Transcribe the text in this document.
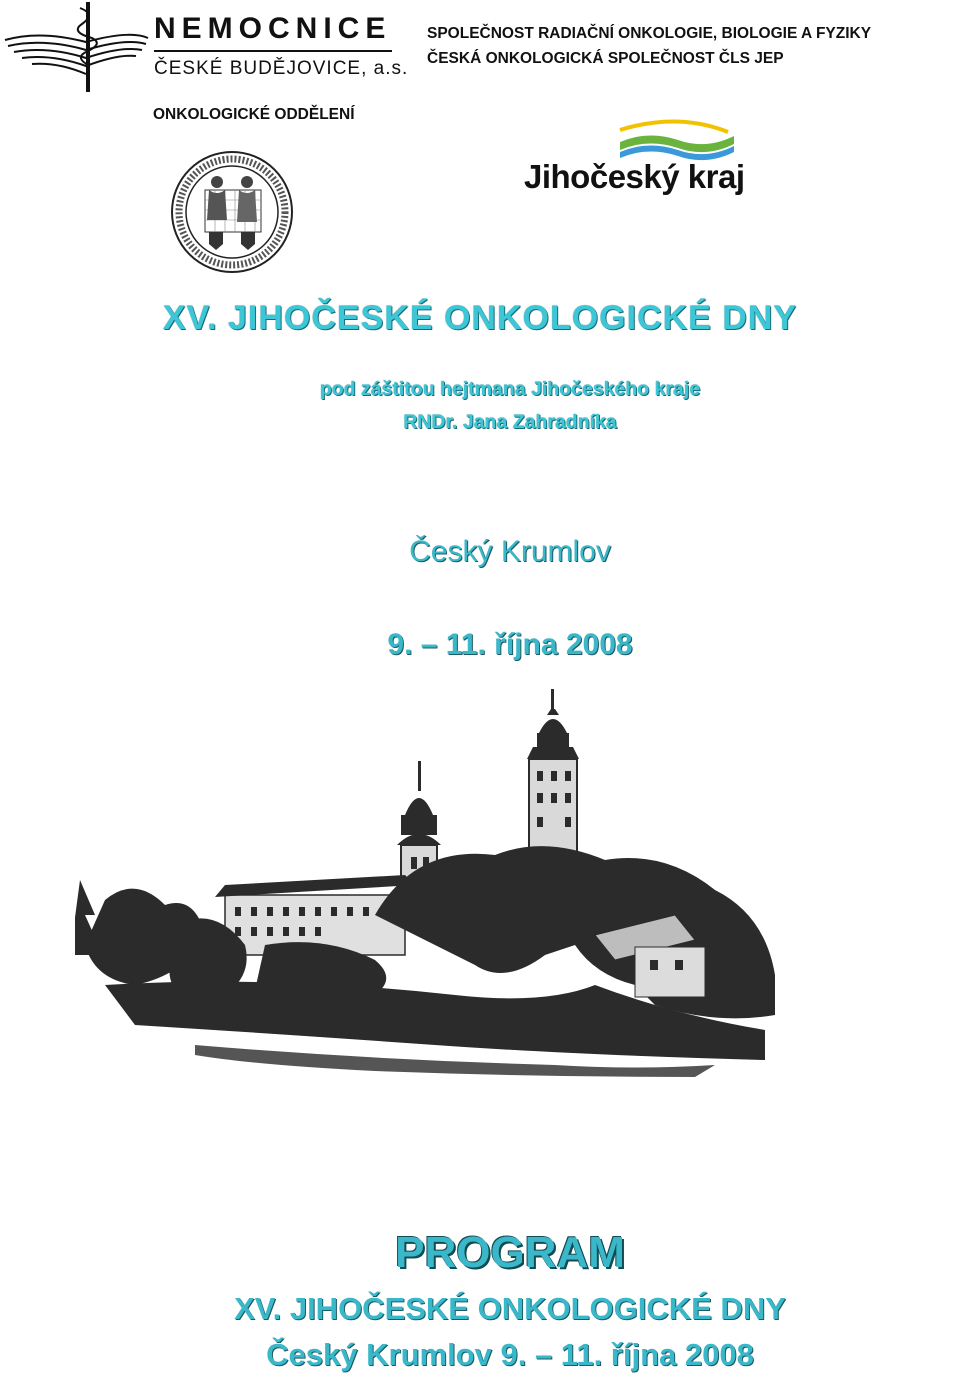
NEMOCNICE
ČESKÉ BUDĚJOVICE, a.s.
SPOLEČNOST RADIAČNÍ ONKOLOGIE, BIOLOGIE A FYZIKY
ČESKÁ ONKOLOGICKÁ SPOLEČNOST ČLS JEP
ONKOLOGICKÉ ODDĚLENÍ
Jihočeský kraj
XV. JIHOČESKÉ ONKOLOGICKÉ DNY
pod záštitou hejtmana Jihočeského kraje
RNDr. Jana Zahradníka
Český Krumlov
9. – 11. října 2008
PROGRAM
XV. JIHOČESKÉ ONKOLOGICKÉ DNY
Český Krumlov 9. – 11. října 2008
